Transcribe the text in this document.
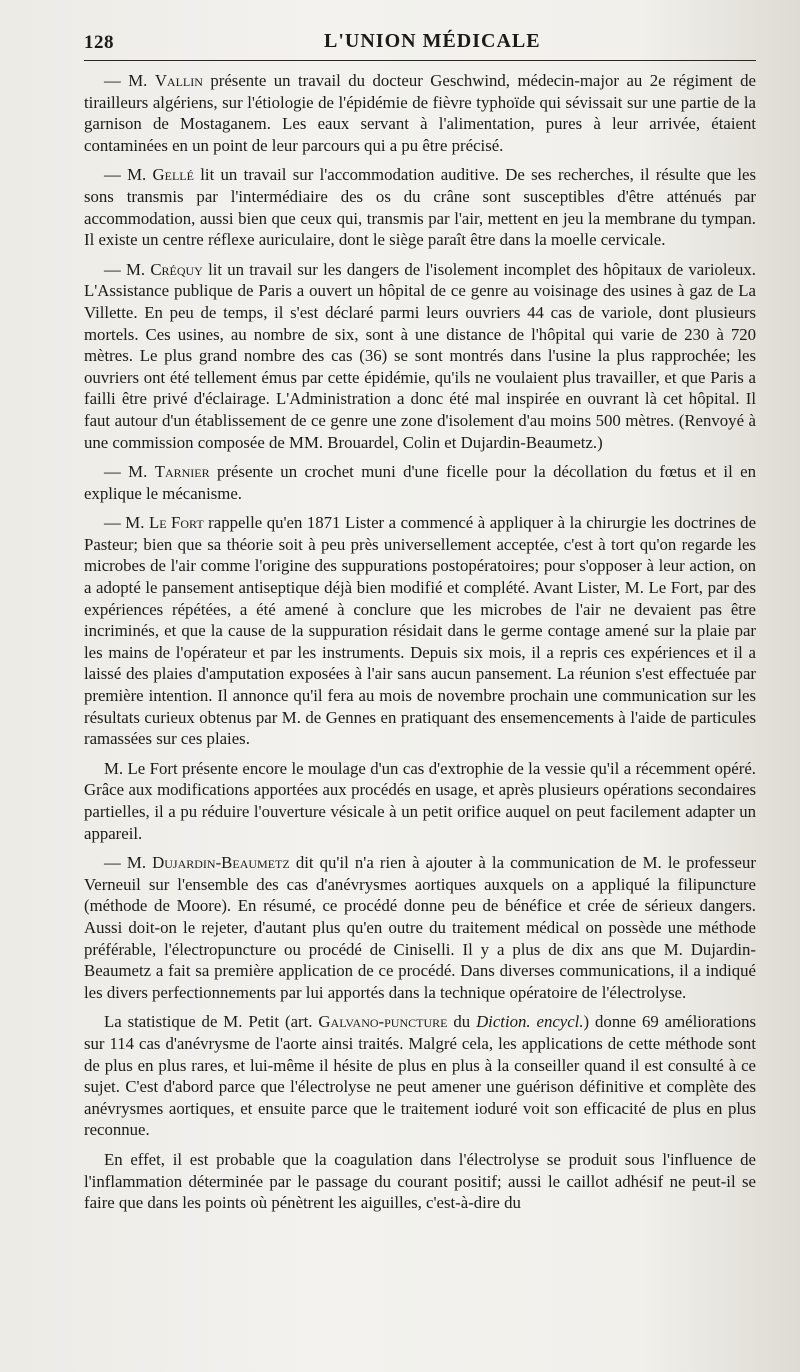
128	L'UNION MÉDICALE

— M. Vallin présente un travail du docteur Geschwind, médecin-major au 2e régiment de tirailleurs algériens, sur l'étiologie de l'épidémie de fièvre typhoïde qui sévissait sur une partie de la garnison de Mostaganem. Les eaux servant à l'alimentation, pures à leur arrivée, étaient contaminées en un point de leur parcours qui a pu être précisé.

— M. Gellé lit un travail sur l'accommodation auditive. De ses recherches, il résulte que les sons transmis par l'intermédiaire des os du crâne sont susceptibles d'être atténués par accommodation, aussi bien que ceux qui, transmis par l'air, mettent en jeu la membrane du tympan. Il existe un centre réflexe auriculaire, dont le siège paraît être dans la moelle cervicale.

— M. Créquy lit un travail sur les dangers de l'isolement incomplet des hôpitaux de varioleux. L'Assistance publique de Paris a ouvert un hôpital de ce genre au voisinage des usines à gaz de La Villette. En peu de temps, il s'est déclaré parmi leurs ouvriers 44 cas de variole, dont plusieurs mortels. Ces usines, au nombre de six, sont à une distance de l'hôpital qui varie de 230 à 720 mètres. Le plus grand nombre des cas (36) se sont montrés dans l'usine la plus rapprochée; les ouvriers ont été tellement émus par cette épidémie, qu'ils ne voulaient plus travailler, et que Paris a failli être privé d'éclairage. L'Administration a donc été mal inspirée en ouvrant là cet hôpital. Il faut autour d'un établissement de ce genre une zone d'isolement d'au moins 500 mètres. (Renvoyé à une commission composée de MM. Brouardel, Colin et Dujardin-Beaumetz.)

— M. Tarnier présente un crochet muni d'une ficelle pour la décollation du fœtus et il en explique le mécanisme.

— M. Le Fort rappelle qu'en 1871 Lister a commencé à appliquer à la chirurgie les doctrines de Pasteur; bien que sa théorie soit à peu près universellement acceptée, c'est à tort qu'on regarde les microbes de l'air comme l'origine des suppurations postopératoires; pour s'opposer à leur action, on a adopté le pansement antiseptique déjà bien modifié et complété. Avant Lister, M. Le Fort, par des expériences répétées, a été amené à conclure que les microbes de l'air ne devaient pas être incriminés, et que la cause de la suppuration résidait dans le germe contage amené sur la plaie par les mains de l'opérateur et par les instruments. Depuis six mois, il a repris ces expériences et il a laissé des plaies d'amputation exposées à l'air sans aucun pansement. La réunion s'est effectuée par première intention. Il annonce qu'il fera au mois de novembre prochain une communication sur les résultats curieux obtenus par M. de Gennes en pratiquant des ensemencements à l'aide de particules ramassées sur ces plaies.

M. Le Fort présente encore le moulage d'un cas d'extrophie de la vessie qu'il a récemment opéré. Grâce aux modifications apportées aux procédés en usage, et après plusieurs opérations secondaires partielles, il a pu réduire l'ouverture vésicale à un petit orifice auquel on peut facilement adapter un appareil.

— M. Dujardin-Beaumetz dit qu'il n'a rien à ajouter à la communication de M. le professeur Verneuil sur l'ensemble des cas d'anévrysmes aortiques auxquels on a appliqué la filipuncture (méthode de Moore). En résumé, ce procédé donne peu de bénéfice et crée de sérieux dangers. Aussi doit-on le rejeter, d'autant plus qu'en outre du traitement médical on possède une méthode préférable, l'électropuncture ou procédé de Ciniselli. Il y a plus de dix ans que M. Dujardin-Beaumetz a fait sa première application de ce procédé. Dans diverses communications, il a indiqué les divers perfectionnements par lui apportés dans la technique opératoire de l'électrolyse.

La statistique de M. Petit (art. Galvano-puncture du Diction. encycl.) donne 69 améliorations sur 114 cas d'anévrysme de l'aorte ainsi traités. Malgré cela, les applications de cette méthode sont de plus en plus rares, et lui-même il hésite de plus en plus à la conseiller quand il est consulté à ce sujet. C'est d'abord parce que l'électrolyse ne peut amener une guérison définitive et complète des anévrysmes aortiques, et ensuite parce que le traitement ioduré voit son efficacité de plus en plus reconnue.

En effet, il est probable que la coagulation dans l'électrolyse se produit sous l'influence de l'inflammation déterminée par le passage du courant positif; aussi le caillot adhésif ne peut-il se faire que dans les points où pénètrent les aiguilles, c'est-à-dire du
